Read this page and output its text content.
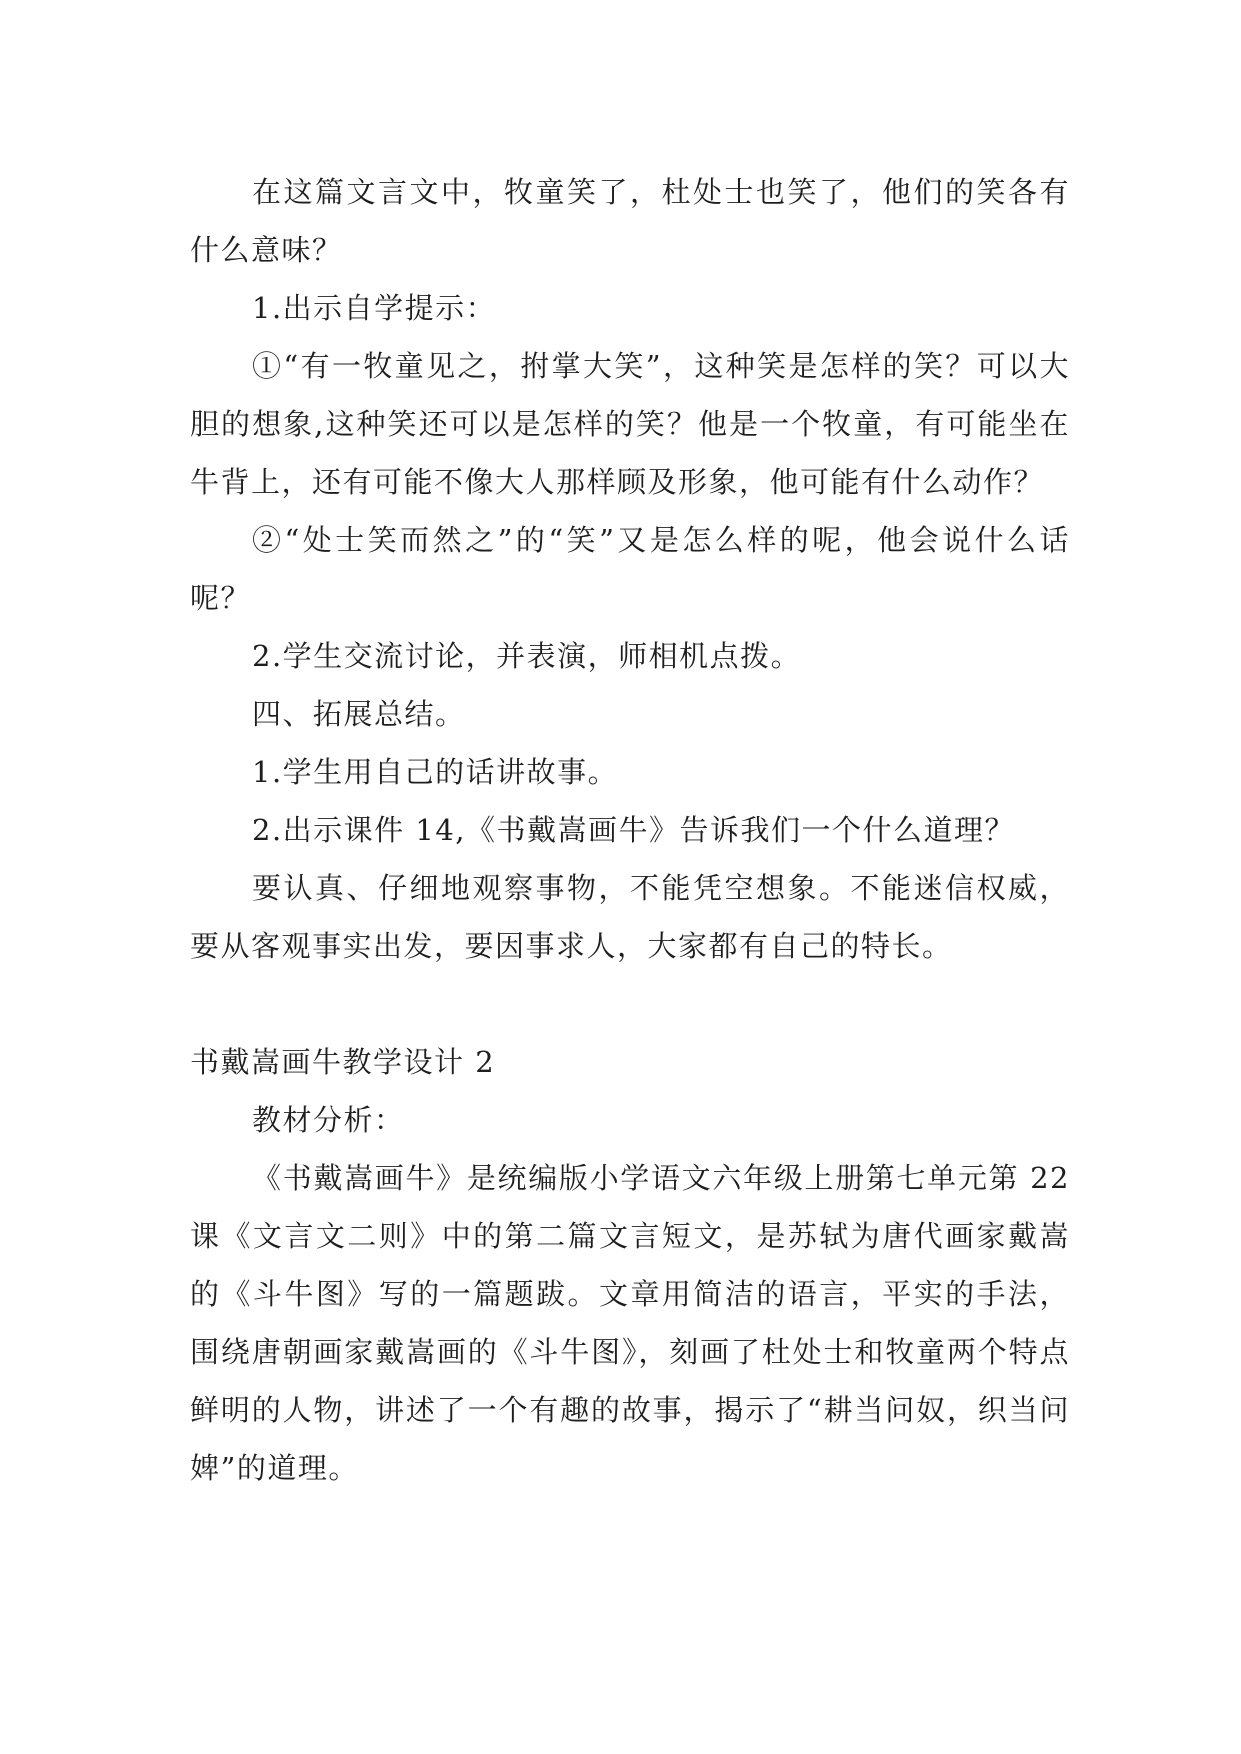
在这篇文言文中，牧童笑了，杜处士也笑了，他们的笑各有什么意味？

1.出示自学提示：

①“有一牧童见之，拊掌大笑”，这种笑是怎样的笑？可以大胆的想象,这种笑还可以是怎样的笑？他是一个牧童，有可能坐在牛背上，还有可能不像大人那样顾及形象，他可能有什么动作？

②“处士笑而然之”的“笑”又是怎么样的呢，他会说什么话呢？

2.学生交流讨论，并表演，师相机点拨。

四、拓展总结。

1.学生用自己的话讲故事。

2.出示课件 14,《书戴嵩画牛》告诉我们一个什么道理？

要认真、仔细地观察事物，不能凭空想象。不能迷信权威，要从客观事实出发，要因事求人，大家都有自己的特长。

书戴嵩画牛教学设计 2

教材分析：

《书戴嵩画牛》是统编版小学语文六年级上册第七单元第 22 课《文言文二则》中的第二篇文言短文，是苏轼为唐代画家戴嵩的《斗牛图》写的一篇题跋。文章用简洁的语言，平实的手法，围绕唐朝画家戴嵩画的《斗牛图》，刻画了杜处士和牧童两个特点鲜明的人物，讲述了一个有趣的故事，揭示了“耕当问奴，织当问婢”的道理。
